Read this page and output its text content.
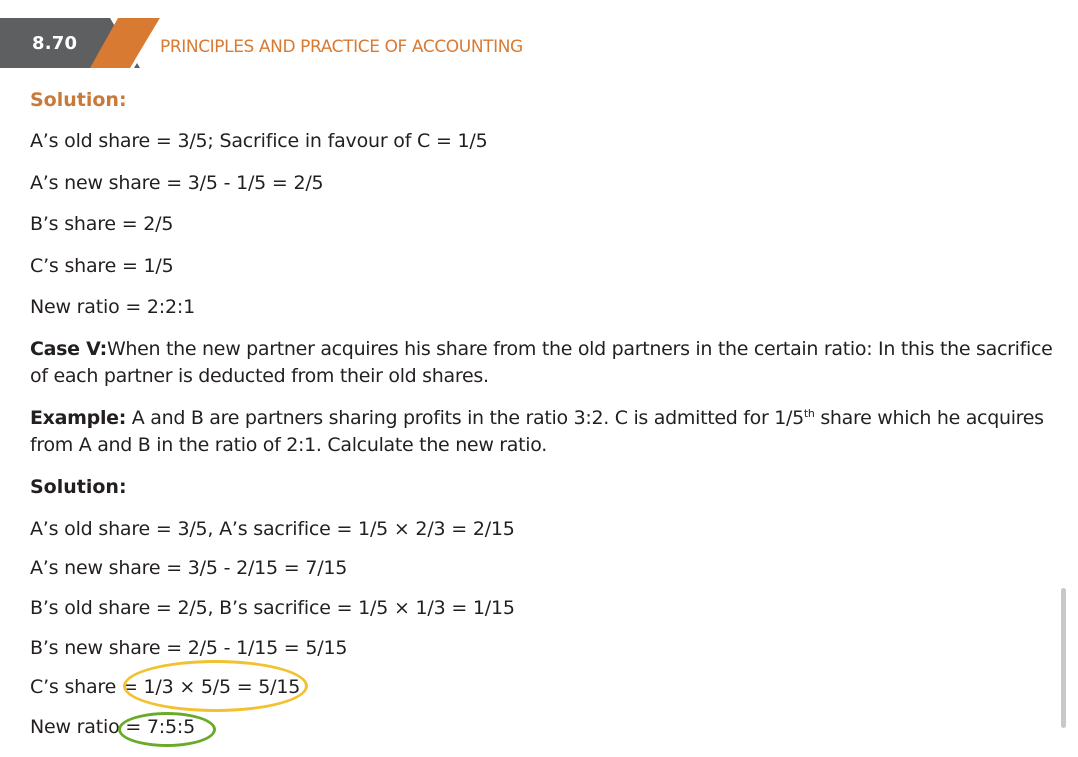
8.70	PRINCIPLES AND PRACTICE OF ACCOUNTING
Solution:
A’s old share = 3/5; Sacrifice in favour of C = 1/5
A’s new share = 3/5 - 1/5 = 2/5
B’s share = 2/5
C’s share = 1/5
New ratio = 2:2:1
Case V:When the new partner acquires his share from the old partners in the certain ratio: In this the sacrifice of each partner is deducted from their old shares.
Example: A and B are partners sharing profits in the ratio 3:2. C is admitted for 1/5th share which he acquires from A and B in the ratio of 2:1. Calculate the new ratio.
Solution:
A’s old share = 3/5, A’s sacrifice = 1/5 × 2/3 = 2/15
A’s new share = 3/5 - 2/15 = 7/15
B’s old share = 2/5, B’s sacrifice = 1/5 × 1/3 = 1/15
B’s new share = 2/5 - 1/15 = 5/15
C’s share = 1/3 × 5/5 = 5/15
New ratio = 7:5:5
